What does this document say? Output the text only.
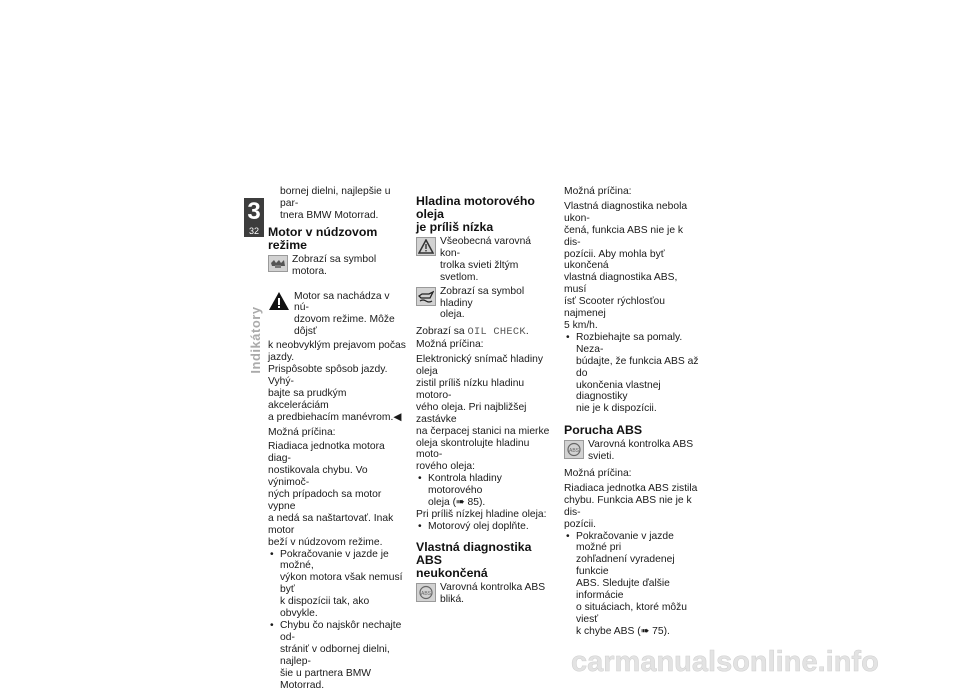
3
32
Indikátory

bornej dielni, najlepšie u par-

tnera BMW Motorrad.

Motor v núdzovom režime
Zobrazí sa symbol motora.

Motor sa nachádza v nú-

dzovom režime. Môže dôjsť

k neobvyklým prejavom počas

jazdy.

Prispôsobte spôsob jazdy. Vyhý-

bajte sa prudkým akceleráciám

a predbiehacím manévrom.◀

Možná príčina:

Riadiaca jednotka motora diag-

nostikovala chybu. Vo výnimoč-

ných prípadoch sa motor vypne

a nedá sa naštartovať. Inak motor

beží v núdzovom režime.

• Pokračovanie v jazde je možné,

výkon motora však nemusí byť

k dispozícii tak, ako obvykle.

• Chybu čo najskôr nechajte od-

strániť v odbornej dielni, najlep-

šie u partnera BMW Motorrad.

Hladina motorového oleja
je príliš nízka

Všeobecná varovná kon-

trolka svieti žltým svetlom.

Zobrazí sa symbol hladiny

oleja.

Zobrazí sa OIL CHECK.

Možná príčina:

Elektronický snímač hladiny oleja

zistil príliš nízku hladinu motoro-

vého oleja. Pri najbližšej zastávke

na čerpacej stanici na mierke

oleja skontrolujte hladinu moto-

rového oleja:

• Kontrola hladiny motorového

oleja (➠ 85).

Pri príliš nízkej hladine oleja:

• Motorový olej doplňte.

Vlastná diagnostika ABS
neukončená
ABS

Varovná kontrolka ABS

bliká.

Možná príčina:

Vlastná diagnostika nebola ukon-

čená, funkcia ABS nie je k dis-

pozícii. Aby mohla byť ukončená

vlastná diagnostika ABS, musí

ísť Scooter rýchlosťou najmenej

5 km/h.

• Rozbiehajte sa pomaly. Neza-

búdajte, že funkcia ABS až do

ukončenia vlastnej diagnostiky

nie je k dispozícii.

Porucha ABS
ABS

Varovná kontrolka ABS

svieti.

Možná príčina:

Riadiaca jednotka ABS zistila

chybu. Funkcia ABS nie je k dis-

pozícii.

• Pokračovanie v jazde možné pri

zohľadnení vyradenej funkcie

ABS. Sledujte ďalšie informácie

o situáciach, ktoré môžu viesť

k chybe ABS (➠ 75).

carmanualsonline.info
